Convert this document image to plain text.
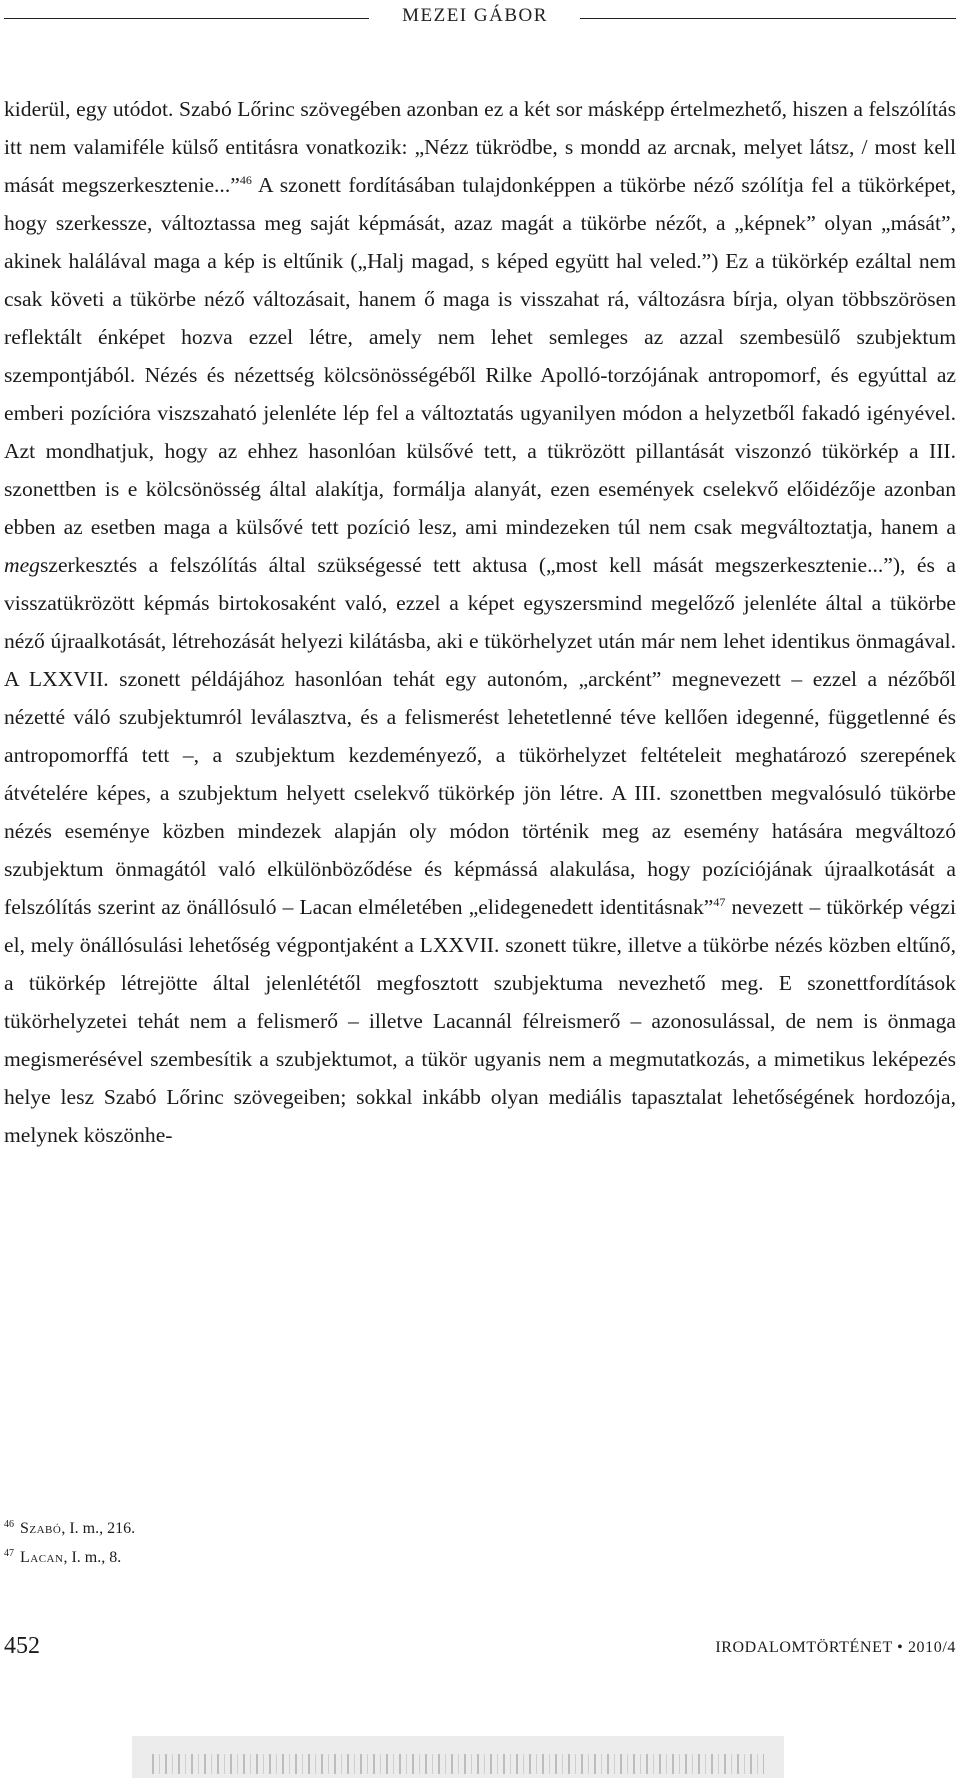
MEZEI GÁBOR

kiderül, egy utódot. Szabó Lőrinc szövegében azonban ez a két sor másképp értelmezhető, hiszen a felszólítás itt nem valamiféle külső entitásra vonatkozik: „Nézz tükrödbe, s mondd az arcnak, melyet látsz, / most kell mását megszerkesztenie...”$^{46}$ A szonett fordításában tulajdonképpen a tükörbe néző szólítja fel a tükörképet, hogy szerkessze, változtassa meg saját képmását, azaz magát a tükörbe nézőt, a „képnek” olyan „mását”, akinek halálával maga a kép is eltűnik („Halj magad, s képed együtt hal veled.”) Ez a tükörkép ezáltal nem csak követi a tükörbe néző változásait, hanem ő maga is visszahat rá, változásra bírja, olyan többszörösen reflektált énképet hozva ezzel létre, amely nem lehet semleges az azzal szembesülő szubjektum szempontjából. Nézés és nézettség kölcsönösségéből Rilke Apolló-torzójának antropomorf, és egyúttal az emberi pozícióra viszszaható jelenléte lép fel a változtatás ugyanilyen módon a helyzetből fakadó igényével. Azt mondhatjuk, hogy az ehhez hasonlóan külsővé tett, a tükrözött pillantását viszonzó tükörkép a III. szonettben is e kölcsönösség által alakítja, formálja alanyát, ezen események cselekvő előidézője azonban ebben az esetben maga a külsővé tett pozíció lesz, ami mindezeken túl nem csak megváltoztatja, hanem a megszerkesztés a felszólítás által szükségessé tett aktusa („most kell mását megszerkesztenie...”), és a visszatükrözött képmás birtokosaként való, ezzel a képet egyszersmind megelőző jelenléte által a tükörbe néző újraalkotását, létrehozását helyezi kilátásba, aki e tükörhelyzet után már nem lehet identikus önmagával. A LXXVII. szonett példájához hasonlóan tehát egy autonóm, „arcként” megnevezett – ezzel a nézőből nézetté váló szubjektumról leválasztva, és a felismerést lehetetlenné téve kellően idegenné, függetlenné és antropomorffá tett –, a szubjektum kezdeményező, a tükörhelyzet feltételeit meghatározó szerepének átvételére képes, a szubjektum helyett cselekvő tükörkép jön létre. A III. szonettben megvalósuló tükörbe nézés eseménye közben mindezek alapján oly módon történik meg az esemény hatására megváltozó szubjektum önmagától való elkülönböződése és képmássá alakulása, hogy pozíciójának újraalkotását a felszólítás szerint az önállósuló – Lacan elméletében „elidegenedett identitásnak”$^{47}$ nevezett – tükörkép végzi el, mely önállósulási lehetőség végpontjaként a LXXVII. szonett tükre, illetve a tükörbe nézés közben eltűnő, a tükörkép létrejötte által jelenlététől megfosztott szubjektuma nevezhető meg. E szonettfordítások tükörhelyzetei tehát nem a felismerő – illetve Lacannál félreismerő – azonosulással, de nem is önmaga megismerésével szembesítik a szubjektumot, a tükör ugyanis nem a megmutatkozás, a mimetikus leképezés helye lesz Szabó Lőrinc szövegeiben; sokkal inkább olyan mediális tapasztalat lehetőségének hordozója, melynek köszönhe-

$^{46}$ Szabó, I. m., 216.
$^{47}$ Lacan, I. m., 8.
452	IRODALOMTÖRTÉNET • 2010/4
